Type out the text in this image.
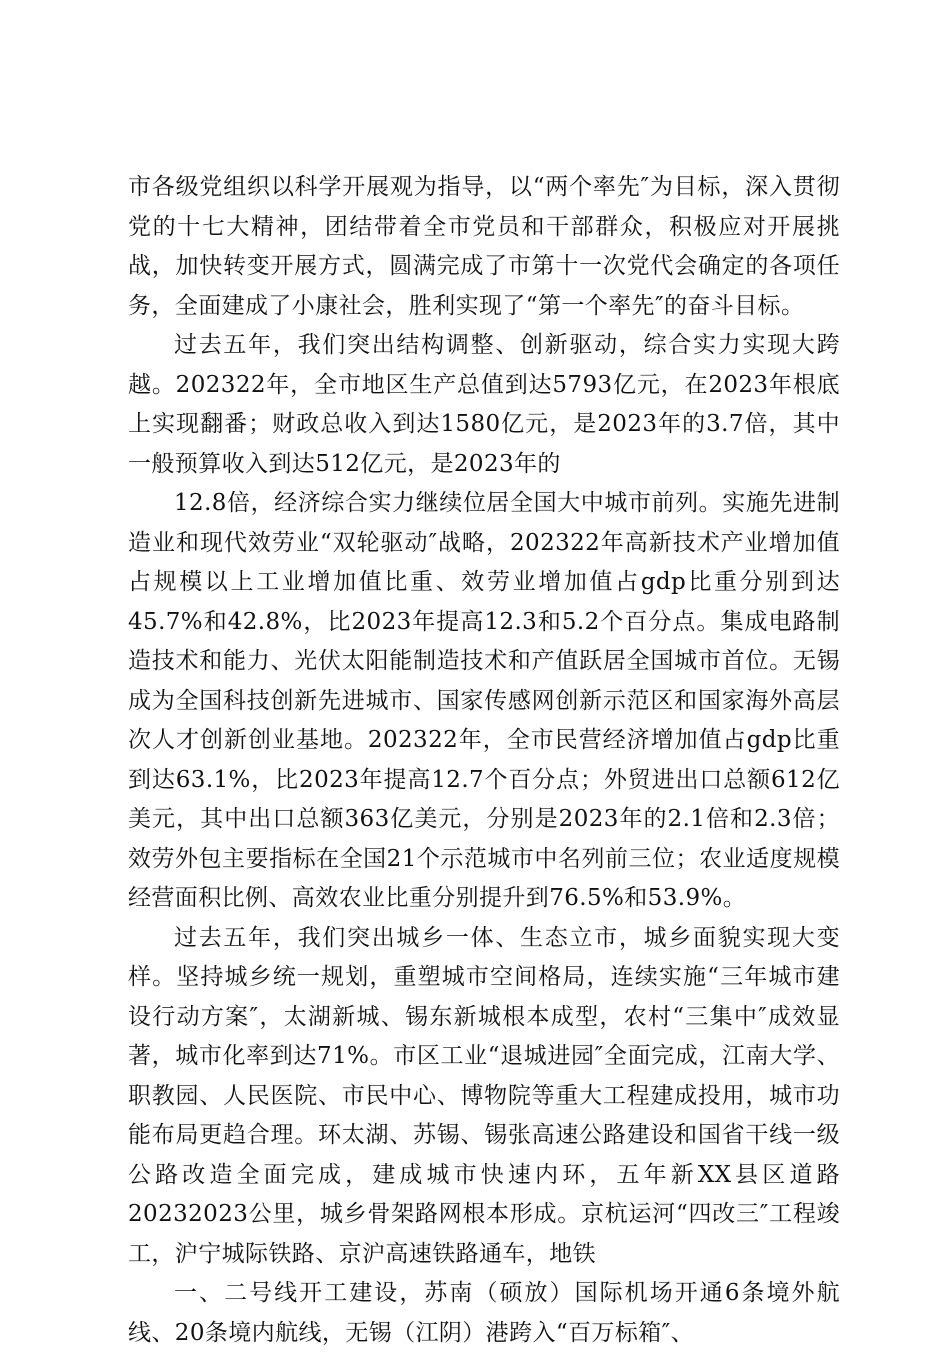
市各级党组织以科学开展观为指导，以“两个率先″为目标，深入贯彻党的十七大精神，团结带着全市党员和干部群众，积极应对开展挑战，加快转变开展方式，圆满完成了市第十一次党代会确定的各项任务，全面建成了小康社会，胜利实现了“第一个率先″的奋斗目标。

过去五年，我们突出结构调整、创新驱动，综合实力实现大跨越。202322年，全市地区生产总值到达5793亿元，在2023年根底上实现翻番；财政总收入到达1580亿元，是2023年的3.7倍，其中一般预算收入到达512亿元，是2023年的

12.8倍，经济综合实力继续位居全国大中城市前列。实施先进制造业和现代效劳业“双轮驱动″战略，202322年高新技术产业增加值占规模以上工业增加值比重、效劳业增加值占gdp比重分别到达45.7%和42.8%，比2023年提高12.3和5.2个百分点。集成电路制造技术和能力、光伏太阳能制造技术和产值跃居全国城市首位。无锡成为全国科技创新先进城市、国家传感网创新示范区和国家海外高层次人才创新创业基地。202322年，全市民营经济增加值占gdp比重到达63.1%，比2023年提高12.7个百分点；外贸进出口总额612亿美元，其中出口总额363亿美元，分别是2023年的2.1倍和2.3倍；效劳外包主要指标在全国21个示范城市中名列前三位；农业适度规模经营面积比例、高效农业比重分别提升到76.5%和53.9%。

过去五年，我们突出城乡一体、生态立市，城乡面貌实现大变样。坚持城乡统一规划，重塑城市空间格局，连续实施“三年城市建设行动方案″，太湖新城、锡东新城根本成型，农村“三集中″成效显著，城市化率到达71%。市区工业“退城进园″全面完成，江南大学、职教园、人民医院、市民中心、博物院等重大工程建成投用，城市功能布局更趋合理。环太湖、苏锡、锡张高速公路建设和国省干线一级公路改造全面完成，建成城市快速内环，五年新XX县区道路20232023公里，城乡骨架路网根本形成。京杭运河“四改三″工程竣工，沪宁城际铁路、京沪高速铁路通车，地铁

一、二号线开工建设，苏南（硕放）国际机场开通6条境外航线、20条境内航线，无锡（江阴）港跨入“百万标箱″、
